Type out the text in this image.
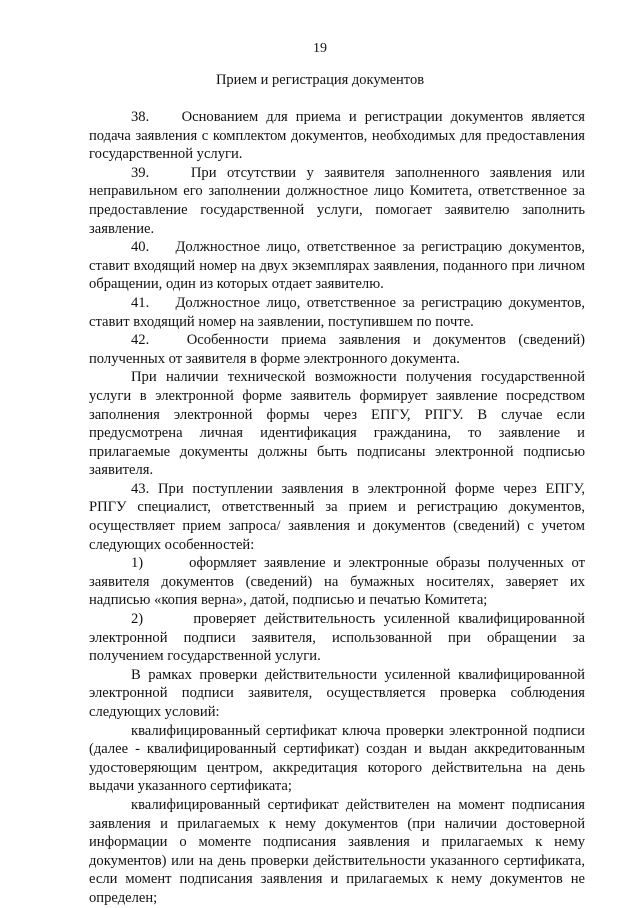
19
Прием и регистрация документов

38.    Основанием для приема и регистрации документов является подача заявления с комплектом документов, необходимых для предоставления государственной услуги.

39.    При отсутствии у заявителя заполненного заявления или неправильном его заполнении должностное лицо Комитета, ответственное за предоставление государственной услуги, помогает заявителю заполнить заявление.

40.    Должностное лицо, ответственное за регистрацию документов, ставит входящий номер на двух экземплярах заявления, поданного при личном обращении, один из которых отдает заявителю.

41.    Должностное лицо, ответственное за регистрацию документов, ставит входящий номер на заявлении, поступившем по почте.

42.   Особенности приема заявления и документов (сведений) полученных от заявителя в форме электронного документа.

При наличии технической возможности получения государственной услуги в электронной форме заявитель формирует заявление посредством заполнения электронной формы через ЕПГУ, РПГУ. В случае если предусмотрена личная идентификация гражданина, то заявление и прилагаемые документы должны быть подписаны электронной подписью заявителя.

43. При поступлении заявления в электронной форме через ЕПГУ, РПГУ специалист, ответственный за прием и регистрацию документов, осуществляет прием запроса/ заявления и документов (сведений) с учетом следующих особенностей:

1)      оформляет заявление и электронные образы полученных от заявителя документов (сведений) на бумажных носителях, заверяет их надписью «копия верна», датой, подписью и печатью Комитета;

2)      проверяет действительность усиленной квалифицированной электронной подписи заявителя, использованной при обращении за получением государственной услуги.

В рамках проверки действительности усиленной квалифицированной электронной подписи заявителя, осуществляется проверка соблюдения следующих условий:

квалифицированный сертификат ключа проверки электронной подписи (далее - квалифицированный сертификат) создан и выдан аккредитованным удостоверяющим центром, аккредитация которого действительна на день выдачи указанного сертификата;

квалифицированный сертификат действителен на момент подписания заявления и прилагаемых к нему документов (при наличии достоверной информации о моменте подписания заявления и прилагаемых к нему документов) или на день проверки действительности указанного сертификата, если момент подписания заявления и прилагаемых к нему документов не определен;
